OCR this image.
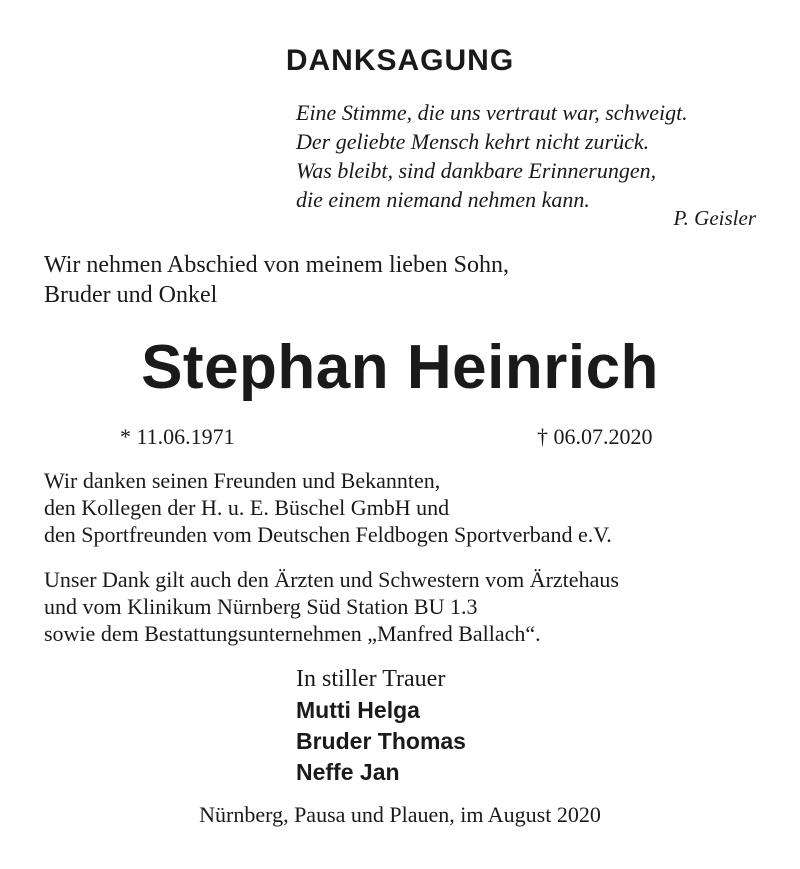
DANKSAGUNG
Eine Stimme, die uns vertraut war, schweigt.
Der geliebte Mensch kehrt nicht zurück.
Was bleibt, sind dankbare Erinnerungen,
die einem niemand nehmen kann.
P. Geisler
Wir nehmen Abschied von meinem lieben Sohn,
Bruder und Onkel
Stephan Heinrich
* 11.06.1971	† 06.07.2020
Wir danken seinen Freunden und Bekannten,
den Kollegen der H. u. E. Büschel GmbH und
den Sportfreunden vom Deutschen Feldbogen Sportverband e.V.
Unser Dank gilt auch den Ärzten und Schwestern vom Ärztehaus
und vom Klinikum Nürnberg Süd Station BU 1.3
sowie dem Bestattungsunternehmen „Manfred Ballach“.
In stiller Trauer
Mutti Helga
Bruder Thomas
Neffe Jan
Nürnberg, Pausa und Plauen, im August 2020
